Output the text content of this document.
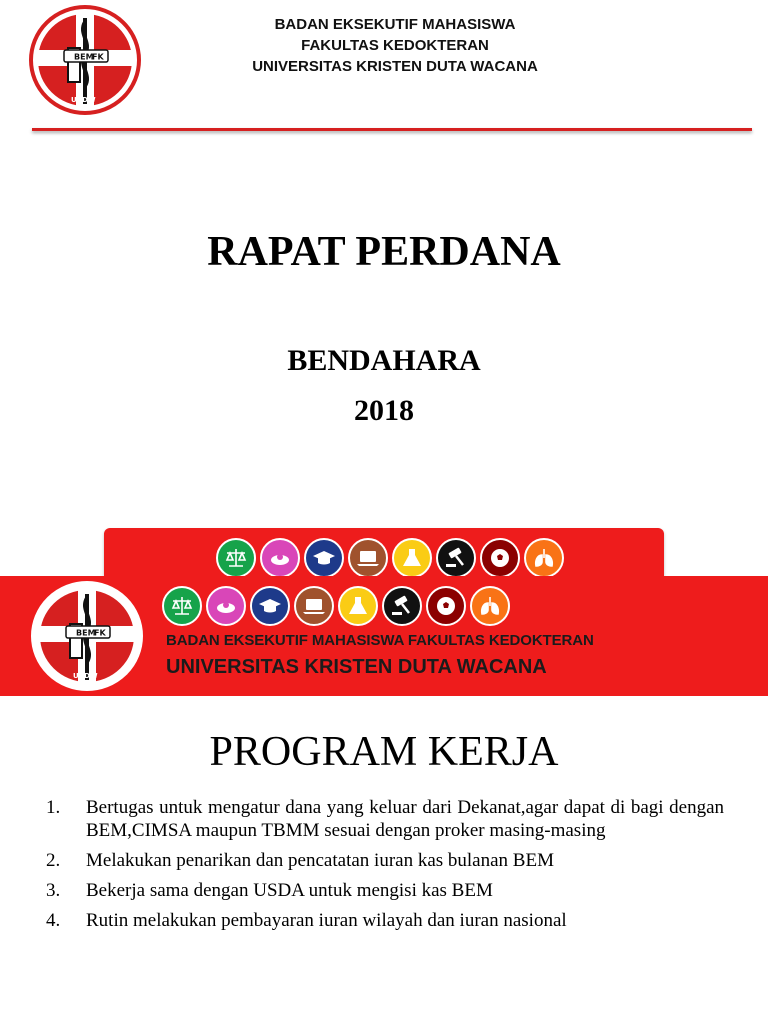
BEM
FK
UKDW
BADAN EKSEKUTIF MAHASISWA
FAKULTAS KEDOKTERAN
UNIVERSITAS KRISTEN DUTA WACANA
RAPAT PERDANA
BENDAHARA
2018
BEM
FK
UKDW
BADAN EKSEKUTIF MAHASISWA FAKULTAS KEDOKTERAN
UNIVERSITAS KRISTEN DUTA WACANA
PROGRAM KERJA
1.	Bertugas untuk mengatur dana yang keluar dari Dekanat,agar dapat di bagi dengan BEM,CIMSA maupun TBMM sesuai dengan proker masing-masing
2.	Melakukan penarikan dan pencatatan iuran kas bulanan BEM
3.	Bekerja sama dengan USDA untuk mengisi kas BEM
4.	Rutin melakukan pembayaran iuran wilayah dan iuran nasional
